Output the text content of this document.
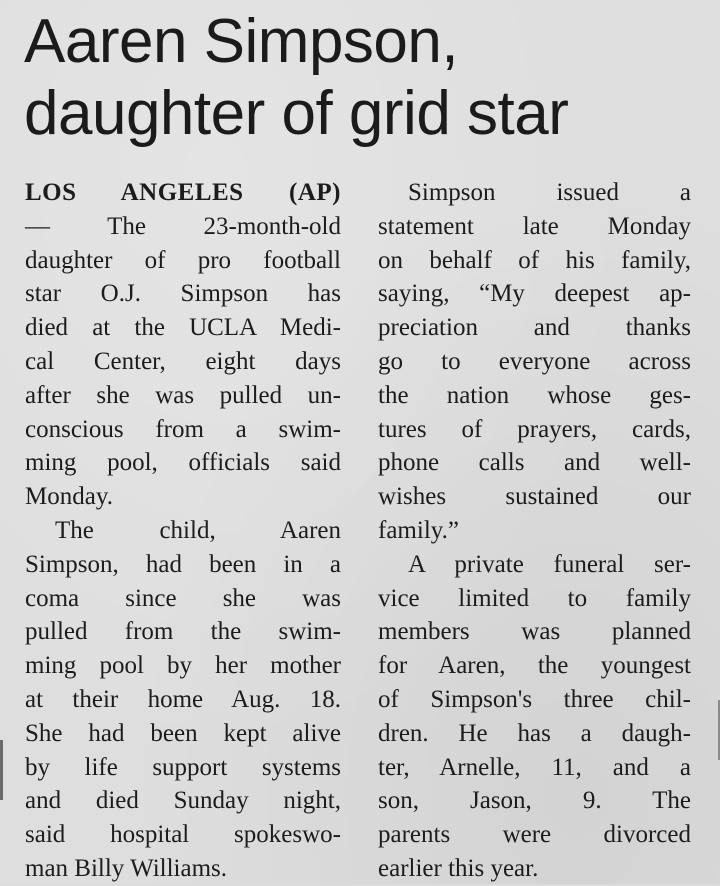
Aaren Simpson,
daughter of grid star
LOS ANGELES (AP)
— The 23-month-old
daughter of pro football
star O.J. Simpson has
died at the UCLA Medi-
cal Center, eight days
after she was pulled un-
conscious from a swim-
ming pool, officials said
Monday.
The child, Aaren
Simpson, had been in a
coma since she was
pulled from the swim-
ming pool by her mother
at their home Aug. 18.
She had been kept alive
by life support systems
and died Sunday night,
said hospital spokeswo-
man Billy Williams.
Simpson issued a
statement late Monday
on behalf of his family,
saying, “My deepest ap-
preciation and thanks
go to everyone across
the nation whose ges-
tures of prayers, cards,
phone calls and well-
wishes sustained our
family.”
A private funeral ser-
vice limited to family
members was planned
for Aaren, the youngest
of Simpson's three chil-
dren. He has a daugh-
ter, Arnelle, 11, and a
son, Jason, 9. The
parents were divorced
earlier this year.
